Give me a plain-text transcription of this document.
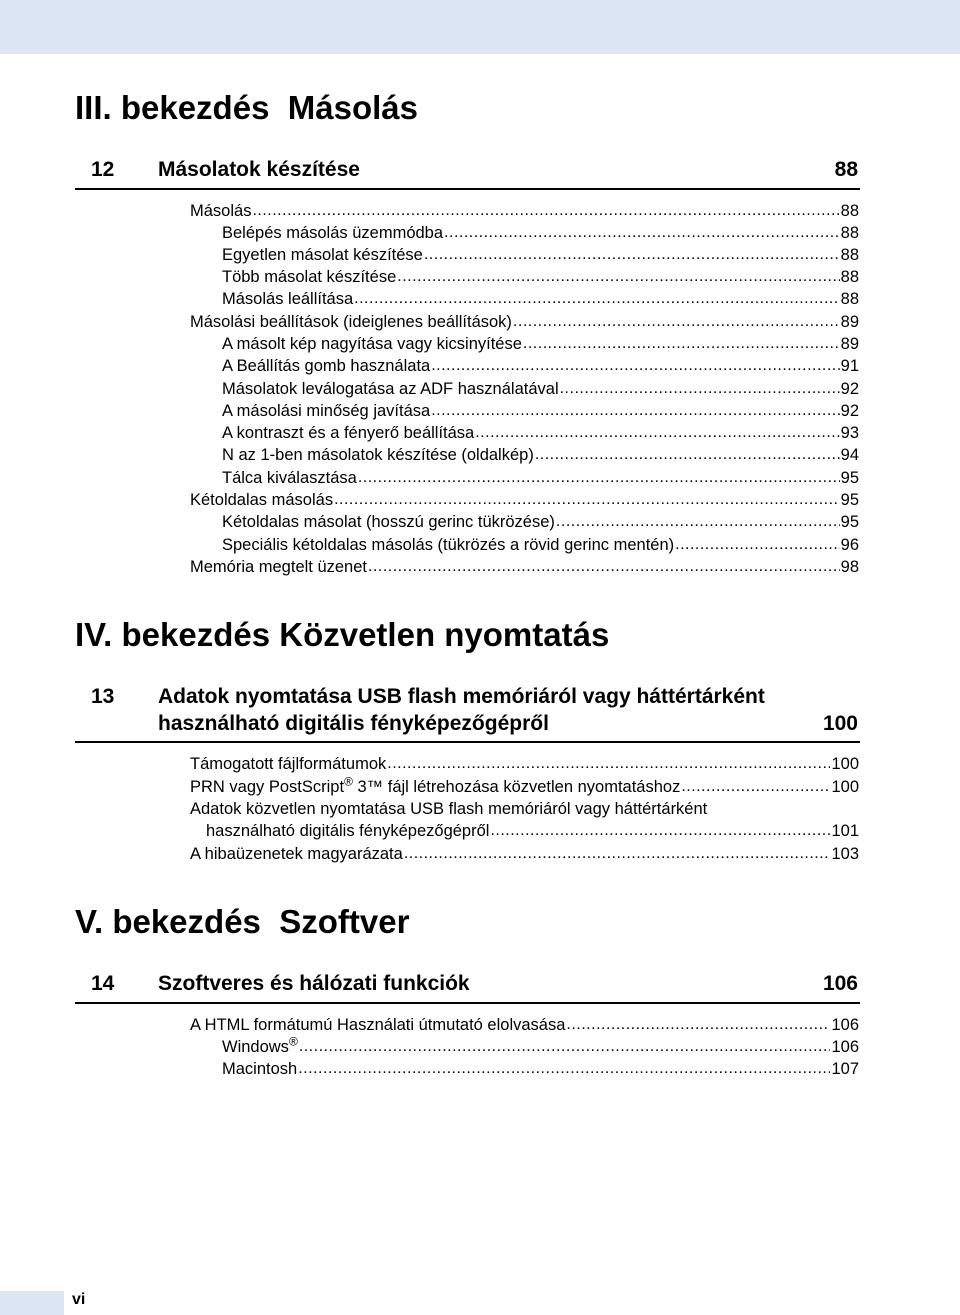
III. bekezdés  Másolás
12 Másolatok készítése	88
Másolás .....	88
Belépés másolás üzemmódba .....	88
Egyetlen másolat készítése .....	88
Több másolat készítése .....	88
Másolás leállítása .....	88
Másolási beállítások (ideiglenes beállítások) .....	89
A másolt kép nagyítása vagy kicsinyítése .....	89
A Beállítás gomb használata .....	91
Másolatok leválogatása az ADF használatával .....	92
A másolási minőség javítása .....	92
A kontraszt és a fényerő beállítása .....	93
N az 1-ben másolatok készítése (oldalkép) .....	94
Tálca kiválasztása .....	95
Kétoldalas másolás .....	95
Kétoldalas másolat (hosszú gerinc tükrözése) .....	95
Speciális kétoldalas másolás (tükrözés a rövid gerinc mentén) .....	96
Memória megtelt üzenet .....	98
IV. bekezdés Közvetlen nyomtatás
13 Adatok nyomtatása USB flash memóriáról vagy háttértárként
használható digitális fényképezőgépről	100
Támogatott fájlformátumok .....	100
PRN vagy PostScript® 3™ fájl létrehozása közvetlen nyomtatáshoz .....	100
Adatok közvetlen nyomtatása USB flash memóriáról vagy háttértárként
használható digitális fényképezőgépről .....	101
A hibaüzenetek magyarázata .....	103
V. bekezdés  Szoftver
14 Szoftveres és hálózati funkciók	106
A HTML formátumú Használati útmutató elolvasása .....	106
Windows® .....	106
Macintosh .....	107
vi
